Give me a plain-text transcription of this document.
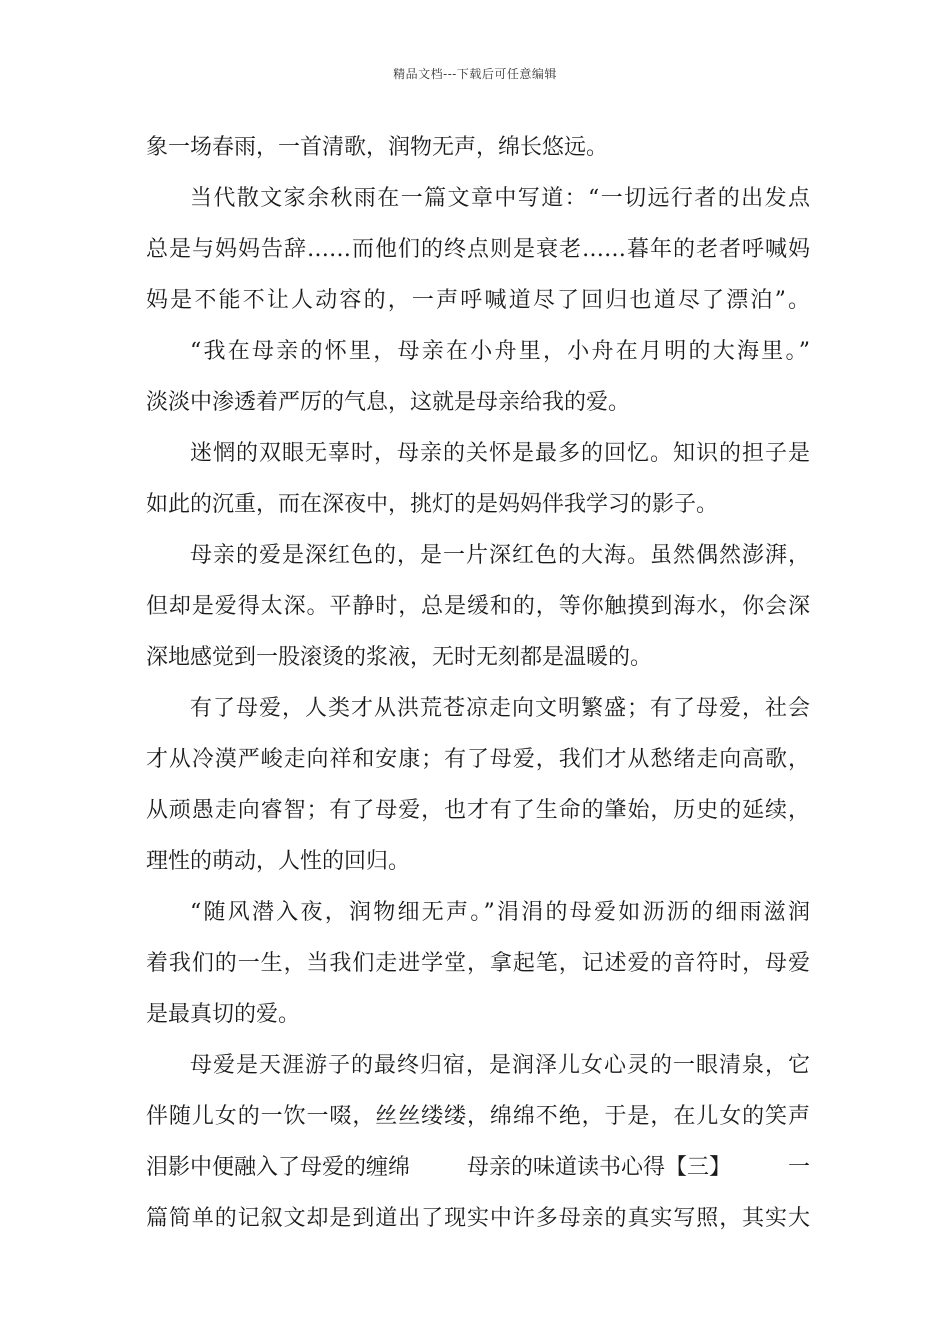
精品文档---下载后可任意编辑
象一场春雨，一首清歌，润物无声，绵长悠远。
当代散文家余秋雨在一篇文章中写道：“一切远行者的出发点
总是与妈妈告辞……而他们的终点则是衰老……暮年的老者呼喊妈
妈是不能不让人动容的，一声呼喊道尽了回归也道尽了漂泊”。
“我在母亲的怀里，母亲在小舟里，小舟在月明的大海里。”
淡淡中渗透着严厉的气息，这就是母亲给我的爱。
迷惘的双眼无辜时，母亲的关怀是最多的回忆。知识的担子是
如此的沉重，而在深夜中，挑灯的是妈妈伴我学习的影子。
母亲的爱是深红色的，是一片深红色的大海。虽然偶然澎湃，
但却是爱得太深。平静时，总是缓和的，等你触摸到海水，你会深
深地感觉到一股滚烫的浆液，无时无刻都是温暖的。
有了母爱，人类才从洪荒苍凉走向文明繁盛；有了母爱，社会
才从冷漠严峻走向祥和安康；有了母爱，我们才从愁绪走向高歌，
从顽愚走向睿智；有了母爱，也才有了生命的肇始，历史的延续，
理性的萌动，人性的回归。
“随风潜入夜，润物细无声。”涓涓的母爱如沥沥的细雨滋润
着我们的一生，当我们走进学堂，拿起笔，记述爱的音符时，母爱
是最真切的爱。
母爱是天涯游子的最终归宿，是润泽儿女心灵的一眼清泉，它
伴随儿女的一饮一啜，丝丝缕缕，绵绵不绝，于是，在儿女的笑声
泪影中便融入了母爱的缠绵	母亲的味道读书心得【三】	一
篇简单的记叙文却是到道出了现实中许多母亲的真实写照，其实大
